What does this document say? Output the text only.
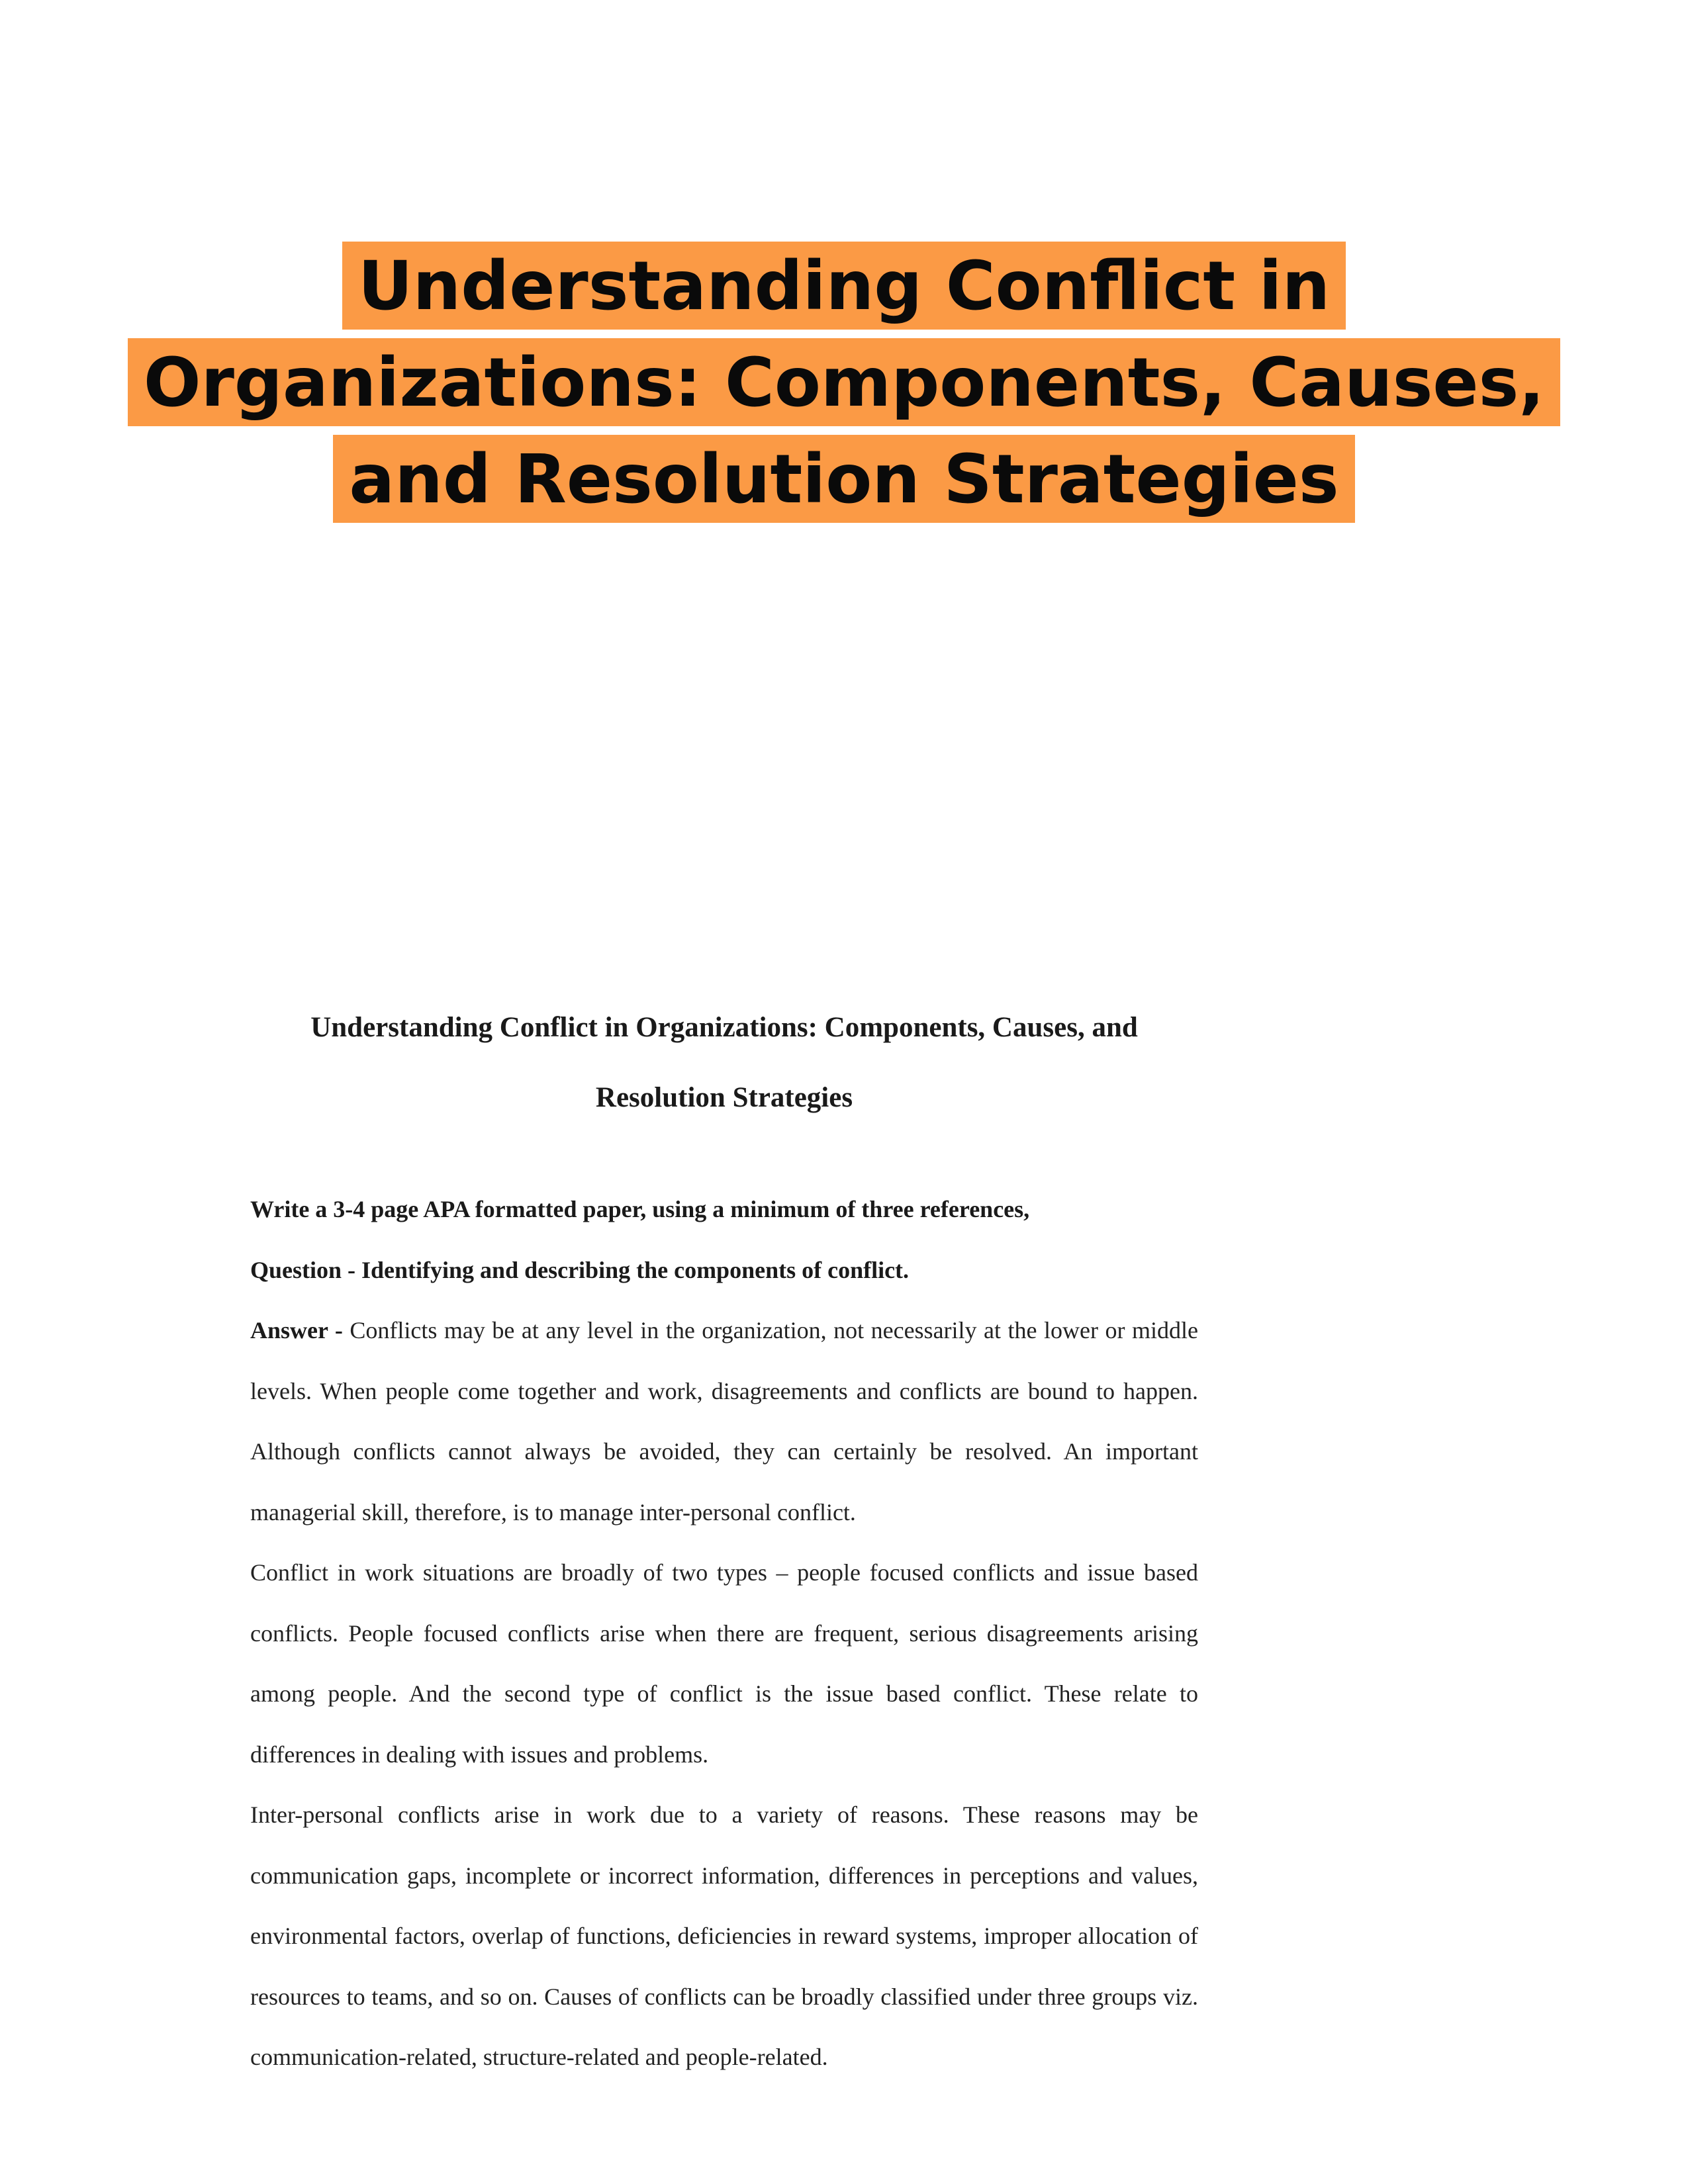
Understanding Conflict in
Organizations: Components, Causes,
and Resolution Strategies
Understanding Conflict in Organizations: Components, Causes, and
Resolution Strategies

Write a 3-4 page APA formatted paper, using a minimum of three references,

Question - Identifying and describing the components of conflict.

Answer - Conflicts may be at any level in the organization, not necessarily at the lower or middle levels. When people come together and work, disagreements and conflicts are bound to happen. Although conflicts cannot always be avoided, they can certainly be resolved. An important managerial skill, therefore, is to manage inter-personal conflict.

Conflict in work situations are broadly of two types – people focused conflicts and issue based conflicts. People focused conflicts arise when there are frequent, serious disagreements arising among people. And the second type of conflict is the issue based conflict. These relate to differences in dealing with issues and problems.

Inter-personal conflicts arise in work due to a variety of reasons. These reasons may be communication gaps, incomplete or incorrect information, differences in perceptions and values, environmental factors, overlap of functions, deficiencies in reward systems, improper allocation of resources to teams, and so on. Causes of conflicts can be broadly classified under three groups viz. communication-related, structure-related and people-related.
